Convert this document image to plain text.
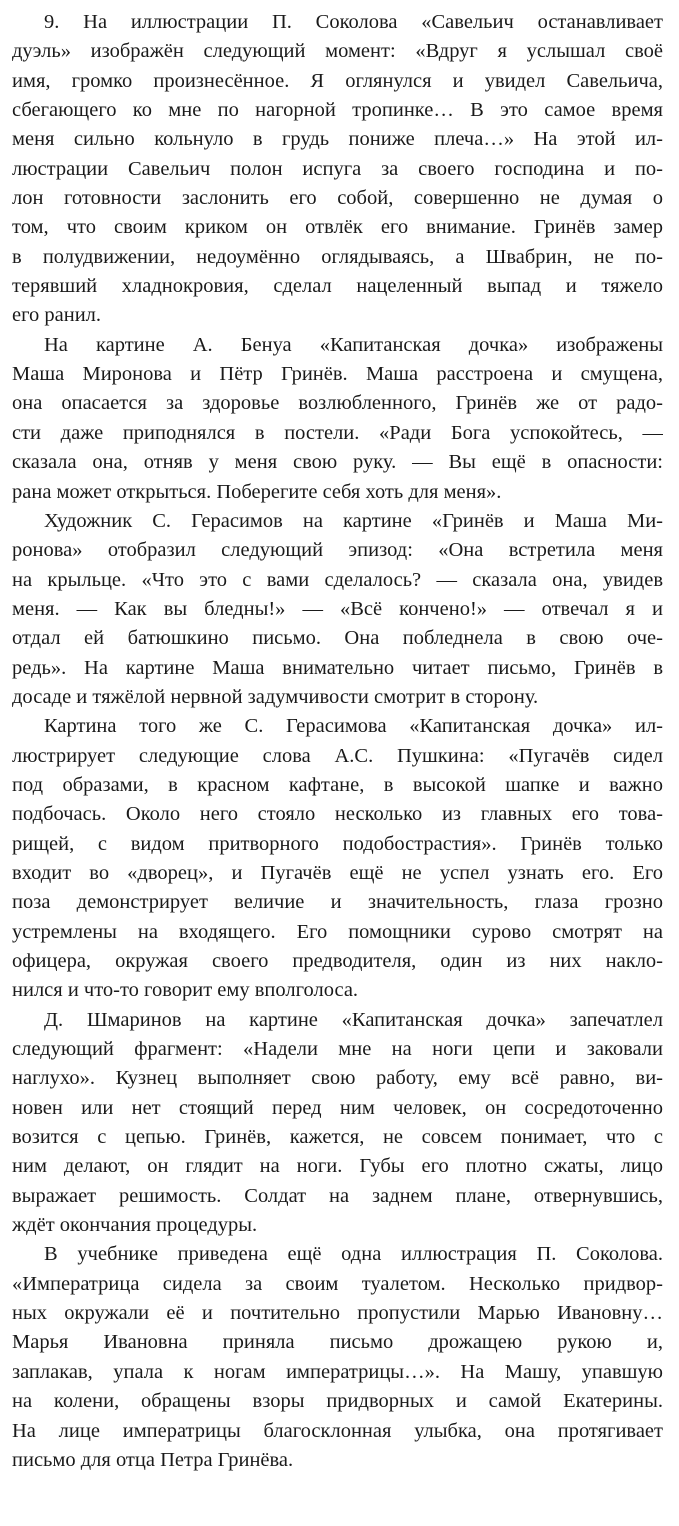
9. На иллюстрации П. Соколова «Савельич останавливает
дуэль» изображён следующий момент: «Вдруг я услышал своё
имя, громко произнесённое. Я оглянулся и увидел Савельича,
сбегающего ко мне по нагорной тропинке… В это самое время
меня сильно кольнуло в грудь пониже плеча…» На этой ил-
люстрации Савельич полон испуга за своего господина и по-
лон готовности заслонить его собой, совершенно не думая о
том, что своим криком он отвлёк его внимание. Гринёв замер
в полудвижении, недоумённо оглядываясь, а Швабрин, не по-
терявший хладнокровия, сделал нацеленный выпад и тяжело
его ранил.
На картине А. Бенуа «Капитанская дочка» изображены
Маша Миронова и Пётр Гринёв. Маша расстроена и смущена,
она опасается за здоровье возлюбленного, Гринёв же от радо-
сти даже приподнялся в постели. «Ради Бога успокойтесь, —
сказала она, отняв у меня свою руку. — Вы ещё в опасности:
рана может открыться. Поберегите себя хоть для меня».
Художник С. Герасимов на картине «Гринёв и Маша Ми-
ронова» отобразил следующий эпизод: «Она встретила меня
на крыльце. «Что это с вами сделалось? — сказала она, увидев
меня. — Как вы бледны!» — «Всё кончено!» — отвечал я и
отдал ей батюшкино письмо. Она побледнела в свою оче-
редь». На картине Маша внимательно читает письмо, Гринёв в
досаде и тяжёлой нервной задумчивости смотрит в сторону.
Картина того же С. Герасимова «Капитанская дочка» ил-
люстрирует следующие слова А.С. Пушкина: «Пугачёв сидел
под образами, в красном кафтане, в высокой шапке и важно
подбочась. Около него стояло несколько из главных его това-
рищей, с видом притворного подобострастия». Гринёв только
входит во «дворец», и Пугачёв ещё не успел узнать его. Его
поза демонстрирует величие и значительность, глаза грозно
устремлены на входящего. Его помощники сурово смотрят на
офицера, окружая своего предводителя, один из них накло-
нился и что-то говорит ему вполголоса.
Д. Шмаринов на картине «Капитанская дочка» запечатлел
следующий фрагмент: «Надели мне на ноги цепи и заковали
наглухо». Кузнец выполняет свою работу, ему всё равно, ви-
новен или нет стоящий перед ним человек, он сосредоточенно
возится с цепью. Гринёв, кажется, не совсем понимает, что с
ним делают, он глядит на ноги. Губы его плотно сжаты, лицо
выражает решимость. Солдат на заднем плане, отвернувшись,
ждёт окончания процедуры.
В учебнике приведена ещё одна иллюстрация П. Соколова.
«Императрица сидела за своим туалетом. Несколько придвор-
ных окружали её и почтительно пропустили Марью Ивановну…
Марья Ивановна приняла письмо дрожащею рукою и,
заплакав, упала к ногам императрицы…». На Машу, упавшую
на колени, обращены взоры придворных и самой Екатерины.
На лице императрицы благосклонная улыбка, она протягивает
письмо для отца Петра Гринёва.
